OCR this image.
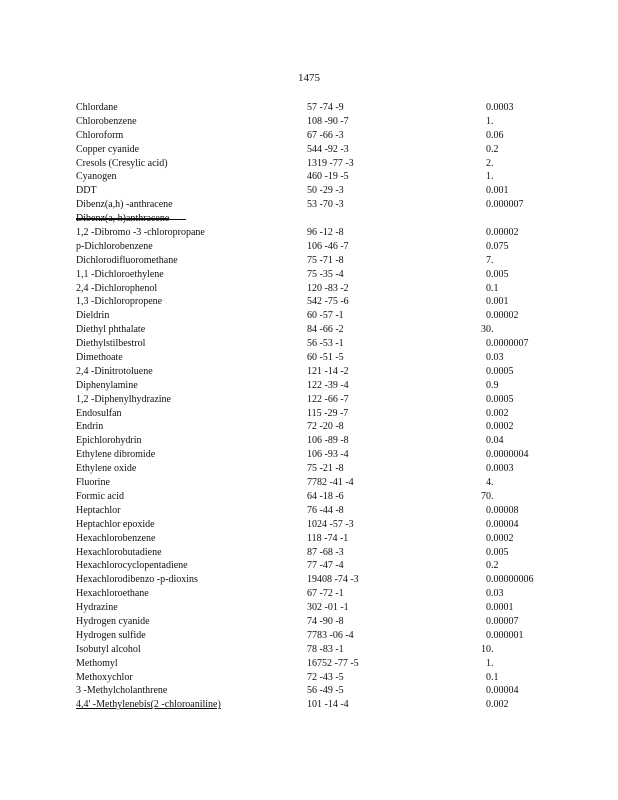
1475
Chlordane	57 -74 -9	0.0003
Chlorobenzene	108 -90 -7	1.
Chloroform	67 -66 -3	0.06
Copper cyanide	544 -92 -3	0.2
Cresols (Cresylic acid)	1319 -77 -3	2.
Cyanogen	460 -19 -5	1.
DDT	50 -29 -3	0.001
Dibenz(a,h) -anthracene	53 -70 -3	0.000007
Dibenz(a, h)anthracene
1,2 -Dibromo -3 -chloropropane	96 -12 -8	0.00002
p-Dichlorobenzene	106 -46 -7	0.075
Dichlorodifluoromethane	75 -71 -8	7.
1,1 -Dichloroethylene	75 -35 -4	0.005
2,4 -Dichlorophenol	120 -83 -2	0.1
1,3 -Dichloropropene	542 -75 -6	0.001
Dieldrin	60 -57 -1	0.00002
Diethyl phthalate	84 -66 -2	30.
Diethylstilbestrol	56 -53 -1	0.0000007
Dimethoate	60 -51 -5	0.03
2,4 -Dinitrotoluene	121 -14 -2	0.0005
Diphenylamine	122 -39 -4	0.9
1,2 -Diphenylhydrazine	122 -66 -7	0.0005
Endosulfan	115 -29 -7	0.002
Endrin	72 -20 -8	0.0002
Epichlorohydrin	106 -89 -8	0.04
Ethylene dibromide	106 -93 -4	0.0000004
Ethylene oxide	75 -21 -8	0.0003
Fluorine	7782 -41 -4	4.
Formic acid	64 -18 -6	70.
Heptachlor	76 -44 -8	0.00008
Heptachlor epoxide	1024 -57 -3	0.00004
Hexachlorobenzene	118 -74 -1	0.0002
Hexachlorobutadiene	87 -68 -3	0.005
Hexachlorocyclopentadiene	77 -47 -4	0.2
Hexachlorodibenzo -p-dioxins	19408 -74 -3	0.00000006
Hexachloroethane	67 -72 -1	0.03
Hydrazine	302 -01 -1	0.0001
Hydrogen cyanide	74 -90 -8	0.00007
Hydrogen sulfide	7783 -06 -4	0.000001
Isobutyl alcohol	78 -83 -1	10.
Methomyl	16752 -77 -5	1.
Methoxychlor	72 -43 -5	0.1
3 -Methylcholanthrene	56 -49 -5	0.00004
4,4' -Methylenebis(2 -chloroaniline)	101 -14 -4	0.002
